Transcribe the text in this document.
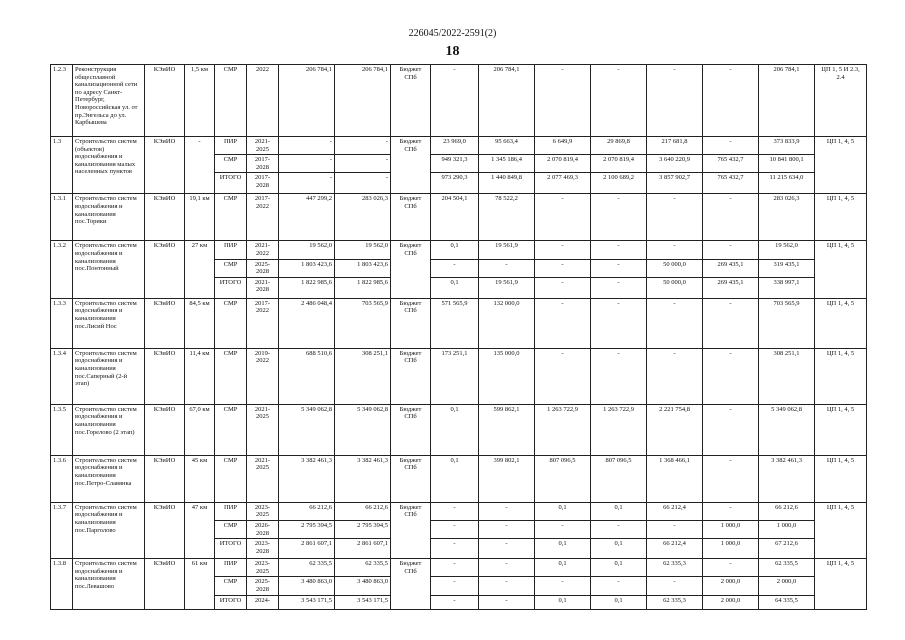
226045/2022-2591(2)
18
1.2.3	Реконструкция общесплавной канализационной сети по адресу Санкт-Петербург, Новороссийская ул. от пр.Энгельса до ул. Карбышева	КЭиИО	1,5 км	СМР	2022	206 784,1	206 784,1	Бюджет СПб	-	206 784,1	-	-	-	-	206 784,1	ЦП 1, 5 И 2.3, 2.4
1.3	Строительство систем (объектов) водоснабжения и канализования малых населенных пунктов	КЭиИО	-	ПИР	2021-2025	-	-	Бюджет СПб	23 969,0	95 663,4	6 649,9	29 869,8	217 681,8	-	373 833,9	ЦП 1, 4, 5
				СМР	2017-2028	-	-		949 321,3	1 345 186,4	2 070 819,4	2 070 819,4	3 640 220,9	765 432,7	10 841 800,1	
				ИТОГО	2017-2028	-	-		973 290,3	1 440 849,8	2 077 469,3	2 100 689,2	3 857 902,7	765 432,7	11 215 634,0	
1.3.1	Строительство систем водоснабжения и канализования пос.Торики	КЭиИО	19,1 км	СМР	2017-2022	447 299,2	283 026,3	Бюджет СПб	204 504,1	78 522,2	-	-	-	-	283 026,3	ЦП 1, 4, 5
1.3.2	Строительство систем водоснабжения и канализования пос.Понтонный	КЭиИО	27 км	ПИР	2021-2022	19 562,0	19 562,0	Бюджет СПб	0,1	19 561,9	-	-	-	-	19 562,0	ЦП 1, 4, 5
				СМР	2025-2028	1 803 423,6	1 803 423,6		-	-	-	-	50 000,0	269 435,1	319 435,1	
				ИТОГО	2021-2028	1 822 985,6	1 822 985,6		0,1	19 561,9	-	-	50 000,0	269 435,1	338 997,1	
1.3.3	Строительство систем водоснабжения и канализования пос.Лисий Нос	КЭиИО	84,5 км	СМР	2017-2022	2 486 048,4	703 565,9	Бюджет СПб	571 565,9	132 000,0	-	-	-	-	703 565,9	ЦП 1, 4, 5
1.3.4	Строительство систем водоснабжения и канализования пос.Саперный (2-й этап)	КЭиИО	11,4 км	СМР	2019-2022	688 510,6	308 251,1	Бюджет СПб	173 251,1	135 000,0	-	-	-	-	308 251,1	ЦП 1, 4, 5
1.3.5	Строительство систем водоснабжения и канализования пос.Горелово (2 этап)	КЭиИО	67,0 км	СМР	2021-2025	5 349 062,8	5 349 062,8	Бюджет СПб	0,1	599 862,1	1 263 722,9	1 263 722,9	2 221 754,8	-	5 349 062,8	ЦП 1, 4, 5
1.3.6	Строительство систем водоснабжения и канализования пос.Петро-Славянка	КЭиИО	45 км	СМР	2021-2025	3 382 461,3	3 382 461,3	Бюджет СПб	0,1	399 802,1	807 096,5	807 096,5	1 368 466,1	-	3 382 461,3	ЦП 1, 4, 5
1.3.7	Строительство систем водоснабжения и канализования пос.Парголово	КЭиИО	47 км	ПИР	2023-2025	66 212,6	66 212,6	Бюджет СПб	-	-	0,1	0,1	66 212,4	-	66 212,6	ЦП 1, 4, 5
				СМР	2026-2028	2 795 394,5	2 795 394,5		-	-	-	-	-	1 000,0	1 000,0	
				ИТОГО	2023-2028	2 861 607,1	2 861 607,1		-	-	0,1	0,1	66 212,4	1 000,0	67 212,6	
1.3.8	Строительство систем водоснабжения и канализования пос.Левашово	КЭиИО	61 км	ПИР	2023-2025	62 335,5	62 335,5	Бюджет СПб	-	-	0,1	0,1	62 335,3	-	62 335,5	ЦП 1, 4, 5
				СМР	2025-2028	3 480 863,0	3 480 863,0		-	-	-	-	-	2 000,0	2 000,0	
				ИТОГО	2024-	3 543 171,5	3 543 171,5		-	-	0,1	0,1	62 335,3	2 000,0	64 335,5	
